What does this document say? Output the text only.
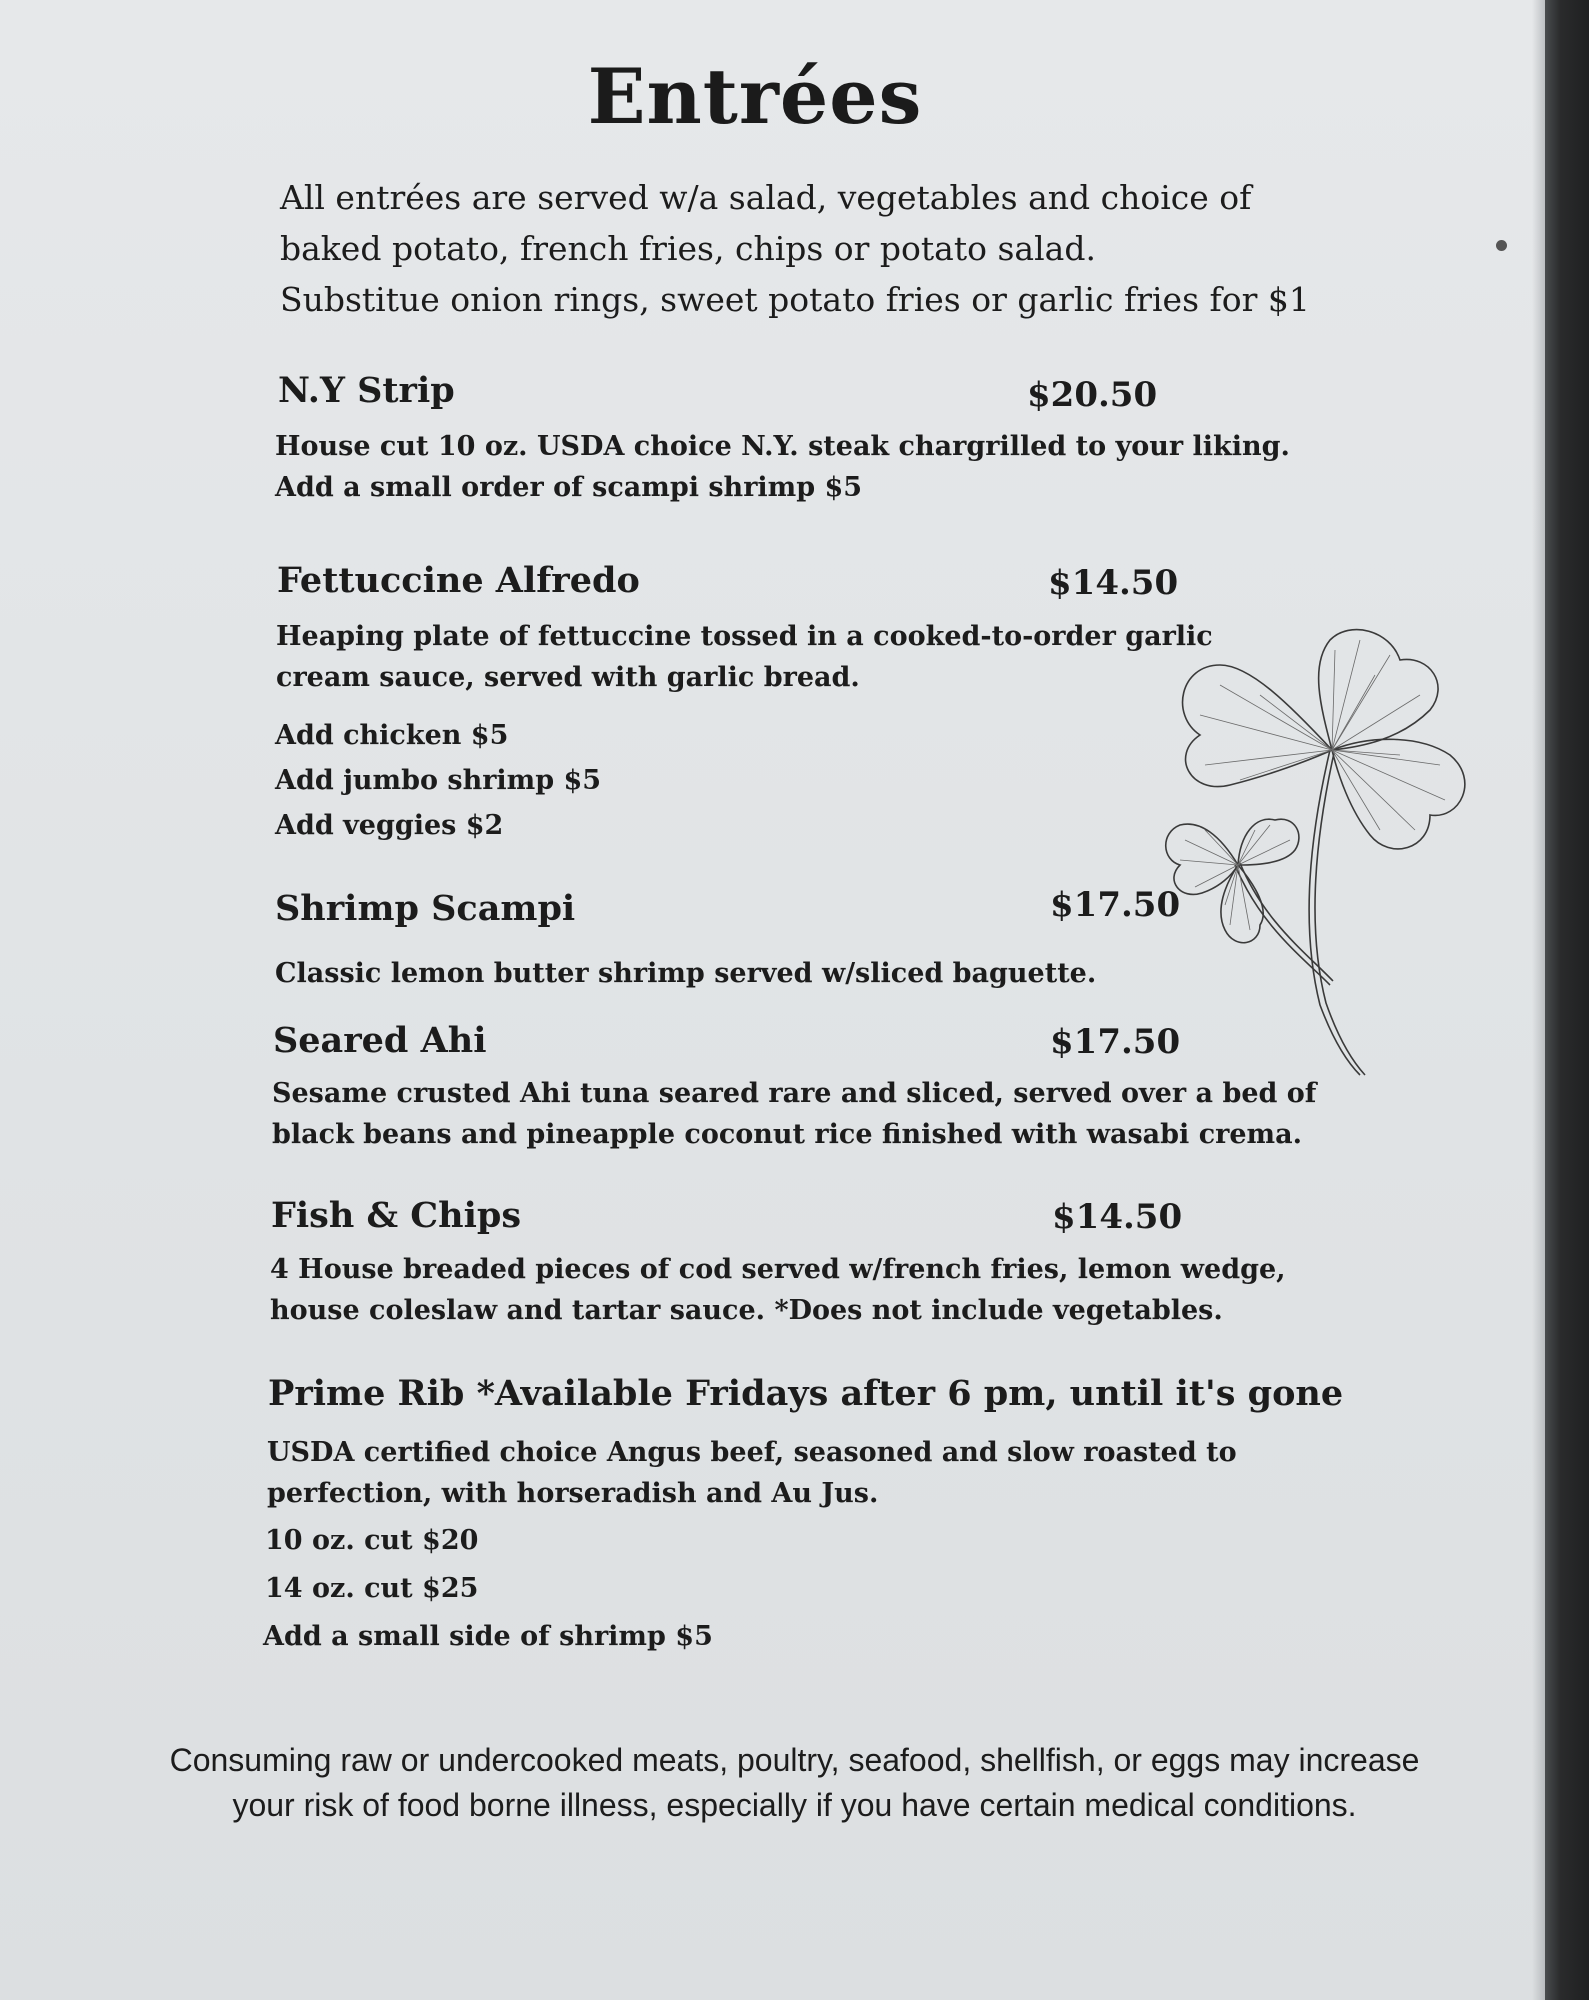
Entrées
All entrées are served w/a salad, vegetables and choice of
baked potato, french fries, chips or potato salad.
Substitue onion rings, sweet potato fries or garlic fries for $1
N.Y Strip	$20.50
House cut 10 oz. USDA choice N.Y. steak chargrilled to your liking.
Add a small order of scampi shrimp $5
Fettuccine Alfredo	$14.50
Heaping plate of fettuccine tossed in a cooked-to-order garlic
cream sauce, served with garlic bread.
Add chicken $5
Add jumbo shrimp $5
Add veggies $2
Shrimp Scampi	$17.50
Classic lemon butter shrimp served w/sliced baguette.
Seared Ahi	$17.50
Sesame crusted Ahi tuna seared rare and sliced, served over a bed of
black beans and pineapple coconut rice finished with wasabi crema.
Fish & Chips	$14.50
4 House breaded pieces of cod served w/french fries, lemon wedge,
house coleslaw and tartar sauce. *Does not include vegetables.
Prime Rib *Available Fridays after 6 pm, until it's gone
USDA certified choice Angus beef, seasoned and slow roasted to
perfection, with horseradish and Au Jus.
10 oz. cut $20
14 oz. cut $25
Add a small side of shrimp $5
Consuming raw or undercooked meats, poultry, seafood, shellfish, or eggs may increase
your risk of food borne illness, especially if you have certain medical conditions.
